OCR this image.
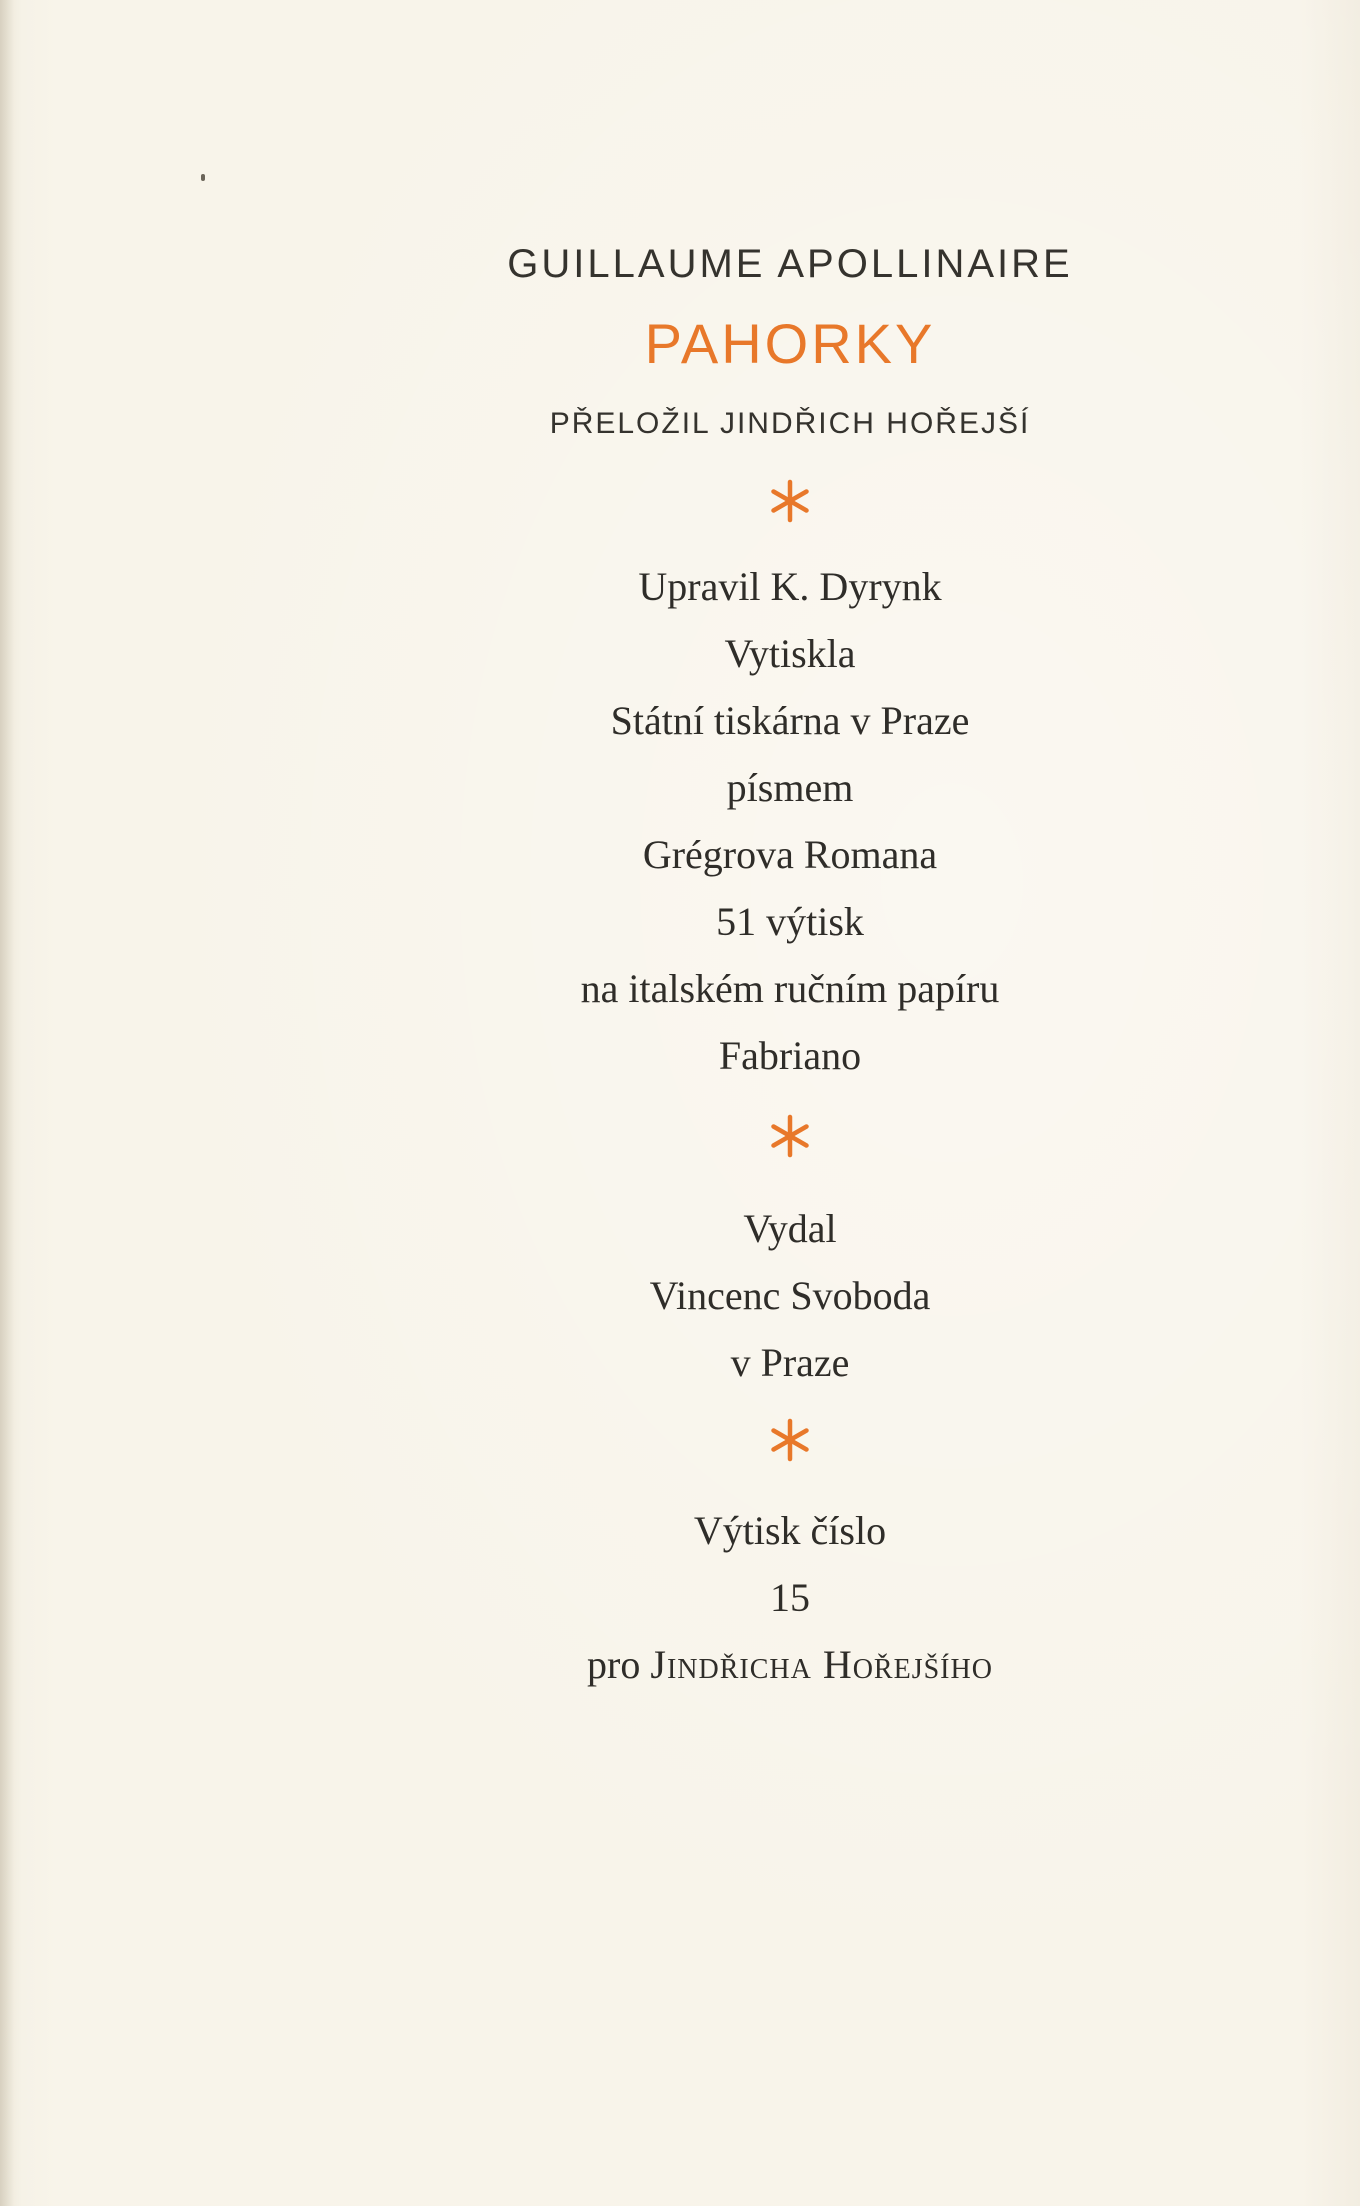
GUILLAUME APOLLINAIRE
PAHORKY
PŘELOŽIL JINDŘICH HOŘEJŠÍ
Upravil K. Dyrynk
Vytiskla
Státní tiskárna v Praze
písmem
Grégrova Romana
51 výtisk
na italském ručním papíru
Fabriano
Vydal
Vincenc Svoboda
v Praze
Výtisk číslo
15
pro Jindřicha Hořejšího
